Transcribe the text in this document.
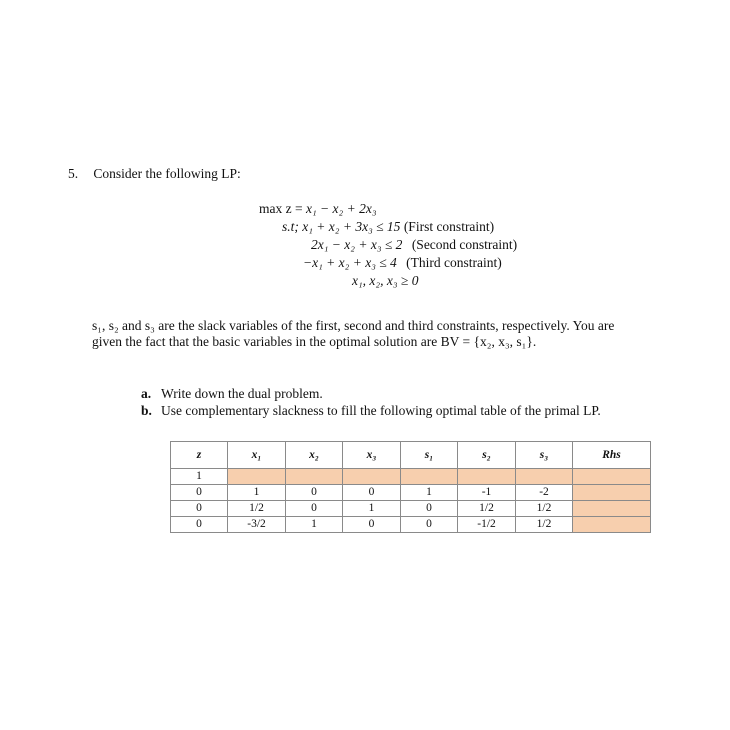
5. Consider the following LP:
max z = x₁ − x₂ + 2x₃
s.t; x₁ + x₂ + 3x₃ ≤ 15 (First constraint)
2x₁ − x₂ + x₃ ≤ 2 (Second constraint)
−x₁ + x₂ + x₃ ≤ 4 (Third constraint)
x₁, x₂, x₃ ≥ 0

s₁, s₂ and s₃ are the slack variables of the first, second and third constraints, respectively. You are

given the fact that the basic variables in the optimal solution are BV = {x₂, x₃, s₁}.

a. Write down the dual problem.
b. Use complementary slackness to fill the following optimal table of the primal LP.
z	x₁	x₂	x₃	s₁	s₂	s₃	Rhs
1							
0	1	0	0	1	-1	-2	
0	1/2	0	1	0	1/2	1/2	
0	-3/2	1	0	0	-1/2	1/2	
